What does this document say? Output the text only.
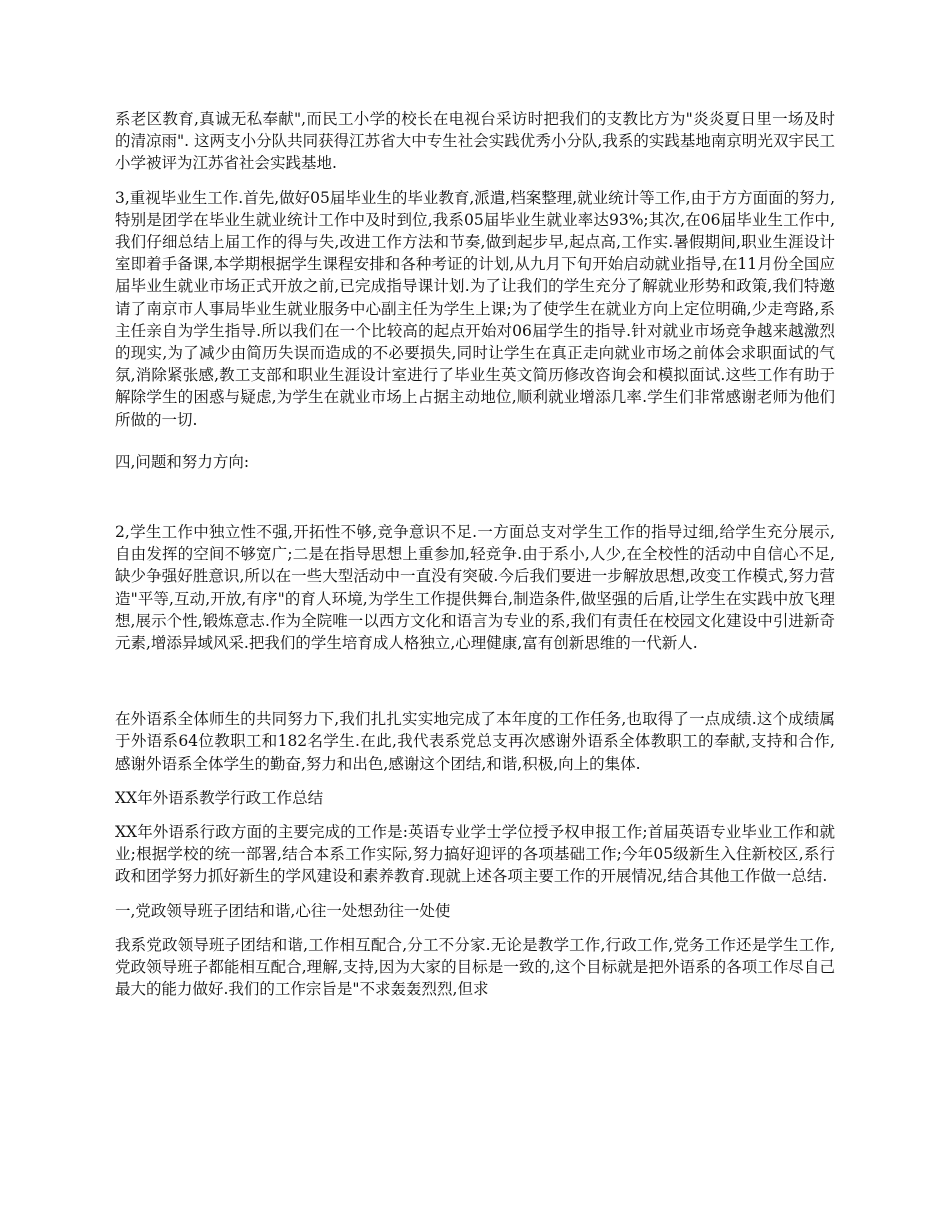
系老区教育,真诚无私奉献",而民工小学的校长在电视台采访时把我们的支教比方为"炎炎夏日里一场及时的清凉雨". 这两支小分队共同获得江苏省大中专生社会实践优秀小分队,我系的实践基地南京明光双宇民工小学被评为江苏省社会实践基地.

3,重视毕业生工作.首先,做好05届毕业生的毕业教育,派遣,档案整理,就业统计等工作,由于方方面面的努力,特别是团学在毕业生就业统计工作中及时到位,我系05届毕业生就业率达93%;其次,在06届毕业生工作中,我们仔细总结上届工作的得与失,改进工作方法和节奏,做到起步早,起点高,工作实.暑假期间,职业生涯设计室即着手备课,本学期根据学生课程安排和各种考证的计划,从九月下旬开始启动就业指导,在11月份全国应届毕业生就业市场正式开放之前,已完成指导课计划.为了让我们的学生充分了解就业形势和政策,我们特邀请了南京市人事局毕业生就业服务中心副主任为学生上课;为了使学生在就业方向上定位明确,少走弯路,系主任亲自为学生指导.所以我们在一个比较高的起点开始对06届学生的指导.针对就业市场竞争越来越激烈的现实,为了减少由简历失误而造成的不必要损失,同时让学生在真正走向就业市场之前体会求职面试的气氛,消除紧张感,教工支部和职业生涯设计室进行了毕业生英文简历修改咨询会和模拟面试.这些工作有助于解除学生的困惑与疑虑,为学生在就业市场上占据主动地位,顺利就业增添几率.学生们非常感谢老师为他们所做的一切.

四,问题和努力方向:

2,学生工作中独立性不强,开拓性不够,竞争意识不足.一方面总支对学生工作的指导过细,给学生充分展示,自由发挥的空间不够宽广;二是在指导思想上重参加,轻竞争.由于系小,人少,在全校性的活动中自信心不足,缺少争强好胜意识,所以在一些大型活动中一直没有突破.今后我们要进一步解放思想,改变工作模式,努力营造"平等,互动,开放,有序"的育人环境,为学生工作提供舞台,制造条件,做坚强的后盾,让学生在实践中放飞理想,展示个性,锻炼意志.作为全院唯一以西方文化和语言为专业的系,我们有责任在校园文化建设中引进新奇元素,增添异域风采.把我们的学生培育成人格独立,心理健康,富有创新思维的一代新人.

在外语系全体师生的共同努力下,我们扎扎实实地完成了本年度的工作任务,也取得了一点成绩.这个成绩属于外语系64位教职工和182名学生.在此,我代表系党总支再次感谢外语系全体教职工的奉献,支持和合作,感谢外语系全体学生的勤奋,努力和出色,感谢这个团结,和谐,积极,向上的集体.

XX年外语系教学行政工作总结

XX年外语系行政方面的主要完成的工作是:英语专业学士学位授予权申报工作;首届英语专业毕业工作和就业;根据学校的统一部署,结合本系工作实际,努力搞好迎评的各项基础工作;今年05级新生入住新校区,系行政和团学努力抓好新生的学风建设和素养教育.现就上述各项主要工作的开展情况,结合其他工作做一总结.

一,党政领导班子团结和谐,心往一处想劲往一处使

我系党政领导班子团结和谐,工作相互配合,分工不分家.无论是教学工作,行政工作,党务工作还是学生工作,党政领导班子都能相互配合,理解,支持,因为大家的目标是一致的,这个目标就是把外语系的各项工作尽自己最大的能力做好.我们的工作宗旨是"不求轰轰烈烈,但求
